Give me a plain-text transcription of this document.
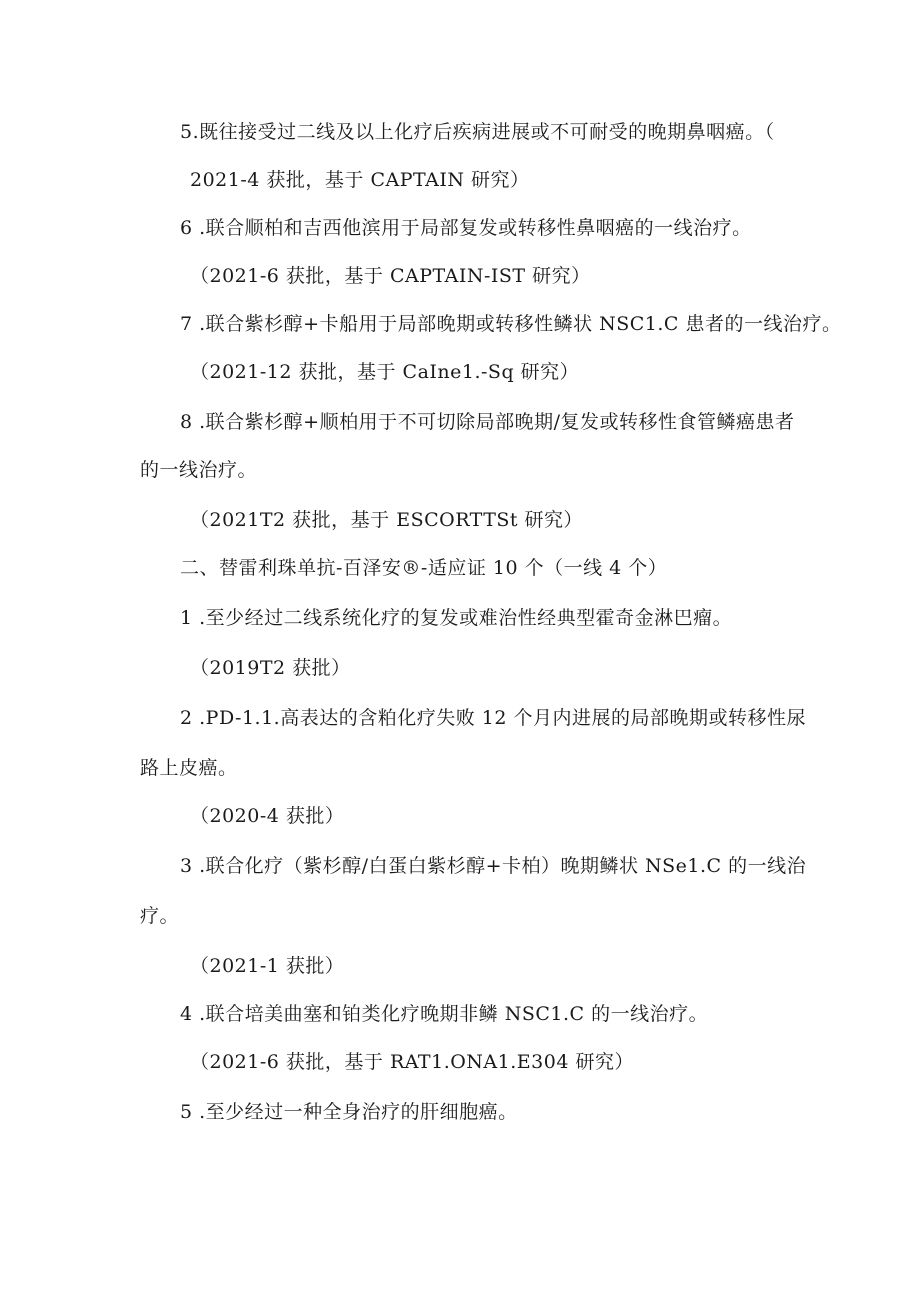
5.既往接受过二线及以上化疗后疾病进展或不可耐受的晚期鼻咽癌。（
2021-4 获批，基于 CAPTAIN 研究）
6 .联合顺柏和吉西他滨用于局部复发或转移性鼻咽癌的一线治疗。
（2021-6 获批，基于 CAPTAIN-IST 研究）
7 .联合紫杉醇+卡船用于局部晚期或转移性鳞状 NSC1.C 患者的一线治疗。
（2021-12 获批，基于 CaIne1.-Sq 研究）
8 .联合紫杉醇+顺柏用于不可切除局部晚期/复发或转移性食管鳞癌患者
的一线治疗。
（2021T2 获批，基于 ESCORTTSt 研究）
二、替雷利珠单抗-百泽安®-适应证 10 个（一线 4 个）
1 .至少经过二线系统化疗的复发或难治性经典型霍奇金淋巴瘤。
（2019T2 获批）
2 .PD-1.1.高表达的含粕化疗失败 12 个月内进展的局部晚期或转移性尿
路上皮癌。
（2020-4 获批）
3 .联合化疗（紫杉醇/白蛋白紫杉醇+卡柏）晚期鳞状 NSe1.C 的一线治
疗。
（2021-1 获批）
4 .联合培美曲塞和铂类化疗晚期非鳞 NSC1.C 的一线治疗。
（2021-6 获批，基于 RAT1.ONA1.E304 研究）
5 .至少经过一种全身治疗的肝细胞癌。
